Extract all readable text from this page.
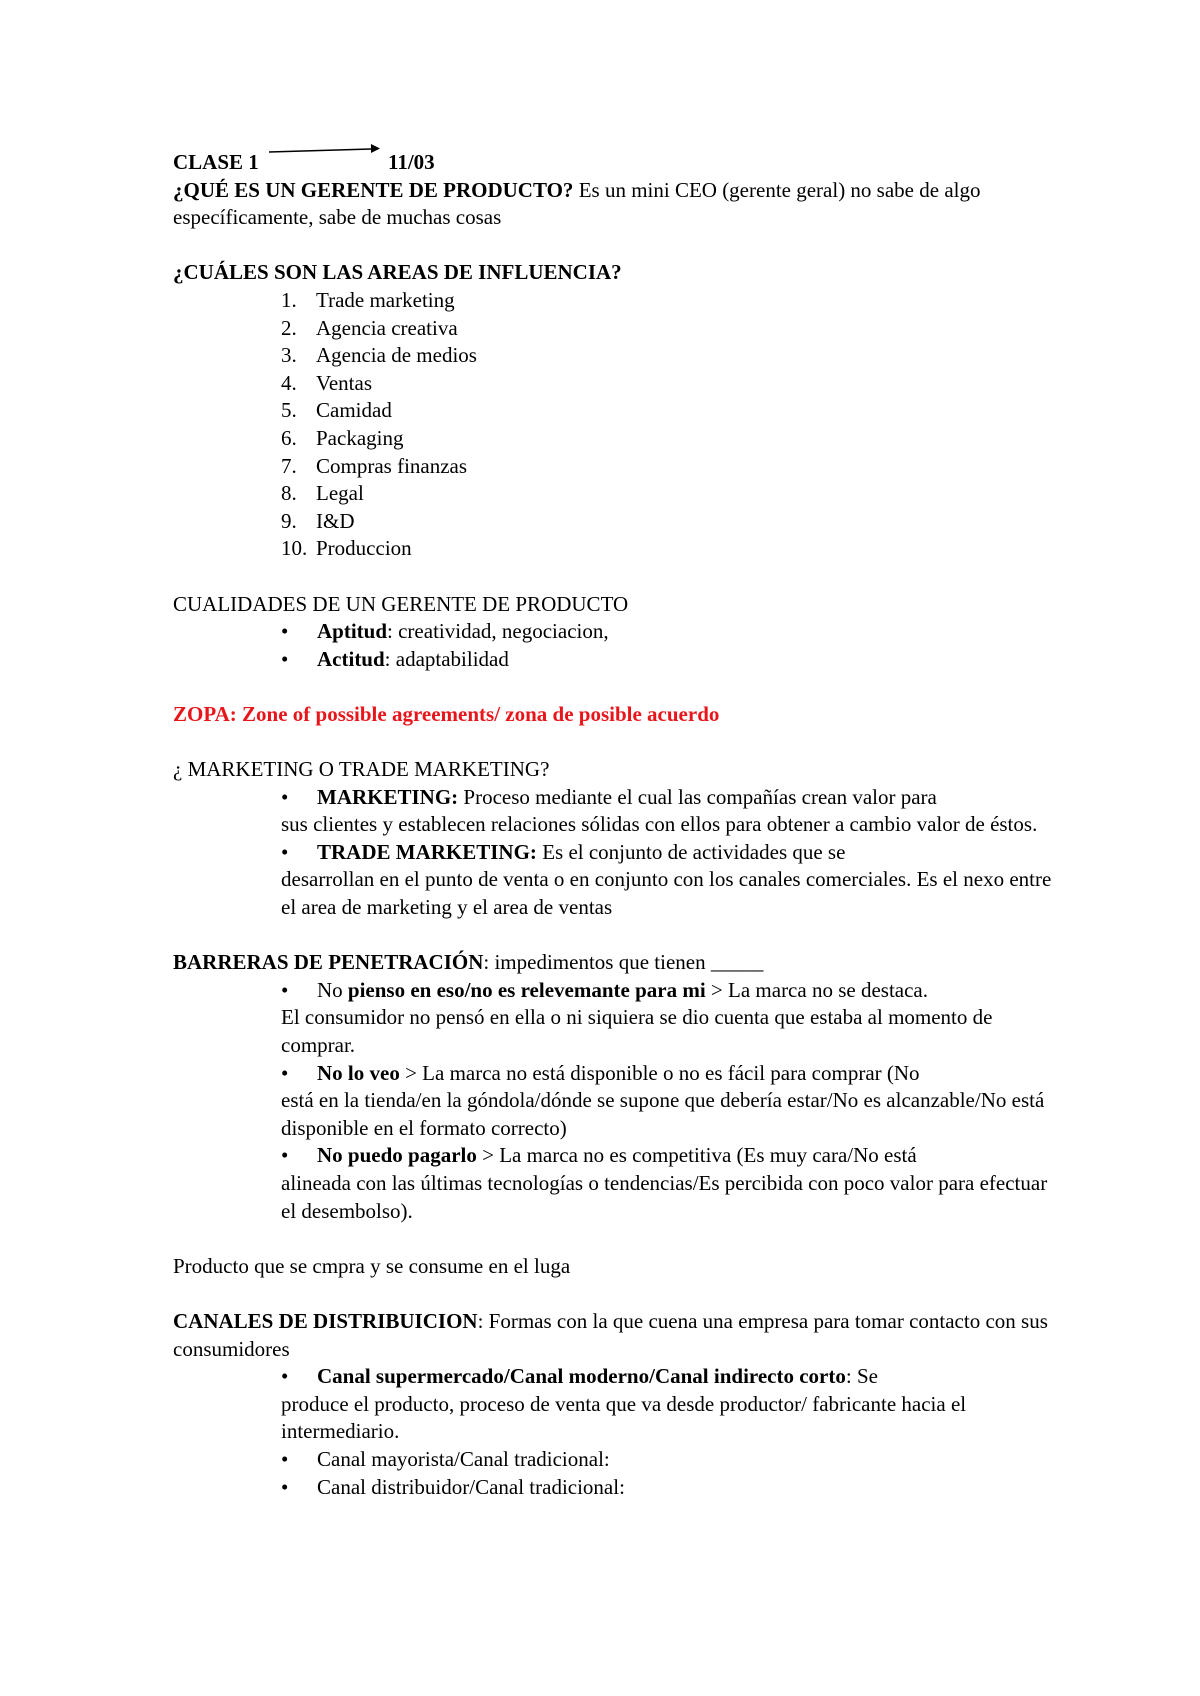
CLASE 1	11/03

¿QUÉ ES UN GERENTE DE PRODUCTO? Es un mini CEO (gerente geral) no sabe de algo específicamente, sabe de muchas cosas

¿CUÁLES SON LAS AREAS DE INFLUENCIA?

1. Trade marketing
2. Agencia creativa
3. Agencia de medios
4. Ventas
5. Camidad
6. Packaging
7. Compras finanzas
8. Legal
9. I&D
10. Produccion

CUALIDADES DE UN GERENTE DE PRODUCTO

•	Aptitud: creatividad, negociacion,
•	Actitud: adaptabilidad

ZOPA: Zone of possible agreements/ zona de posible acuerdo

¿ MARKETING O TRADE MARKETING?

•	MARKETING: Proceso mediante el cual las compañías crean valor para
sus clientes y establecen relaciones sólidas con ellos para obtener a cambio valor de éstos.
•	TRADE MARKETING: Es el conjunto de actividades que se
desarrollan en el punto de venta o en conjunto con los canales comerciales. Es el nexo entre el area de marketing y el area de ventas

BARRERAS DE PENETRACIÓN: impedimentos que tienen _____

•	No pienso en eso/no es relevemante para mi > La marca no se destaca.
El consumidor no pensó en ella o ni siquiera se dio cuenta que estaba al momento de comprar.
•	No lo veo > La marca no está disponible o no es fácil para comprar (No
está en la tienda/en la góndola/dónde se supone que debería estar/No es alcanzable/No está disponible en el formato correcto)
•	No puedo pagarlo > La marca no es competitiva (Es muy cara/No está
alineada con las últimas tecnologías o tendencias/Es percibida con poco valor para efectuar el desembolso).

Producto que se cmpra y se consume en el luga

CANALES DE DISTRIBUICION: Formas con la que cuena una empresa para tomar contacto con sus consumidores

•	Canal supermercado/Canal moderno/Canal indirecto corto: Se
produce el producto, proceso de venta que va desde productor/ fabricante hacia el intermediario.
•	Canal mayorista/Canal tradicional:
•	Canal distribuidor/Canal tradicional:
